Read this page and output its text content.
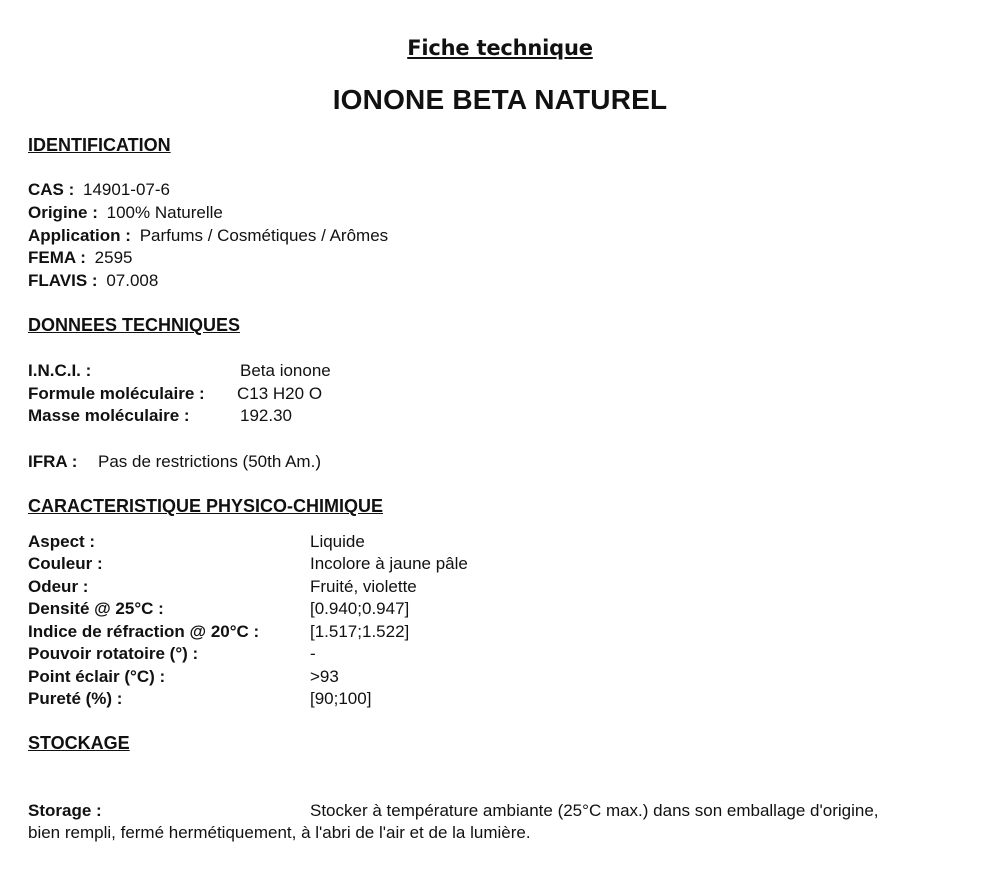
Fiche technique
IONONE BETA NATUREL
IDENTIFICATION
CAS : 14901-07-6
Origine : 100% Naturelle
Application : Parfums / Cosmétiques / Arômes
FEMA : 2595
FLAVIS : 07.008
DONNEES TECHNIQUES
I.N.C.I. :	Beta ionone
Formule moléculaire : C13 H20 O
Masse moléculaire :	192.30
IFRA : Pas de restrictions (50th Am.)
CARACTERISTIQUE PHYSICO-CHIMIQUE
Aspect :	Liquide
Couleur :	Incolore à jaune pâle
Odeur :	Fruité, violette
Densité @ 25°C :	[0.940;0.947]
Indice de réfraction @ 20°C :	[1.517;1.522]
Pouvoir rotatoire (°) :	-
Point éclair (°C) :	>93
Pureté (%) :	[90;100]
STOCKAGE
Storage :	Stocker à température ambiante (25°C max.) dans son emballage d'origine,
bien rempli, fermé hermétiquement, à l'abri de l'air et de la lumière.
